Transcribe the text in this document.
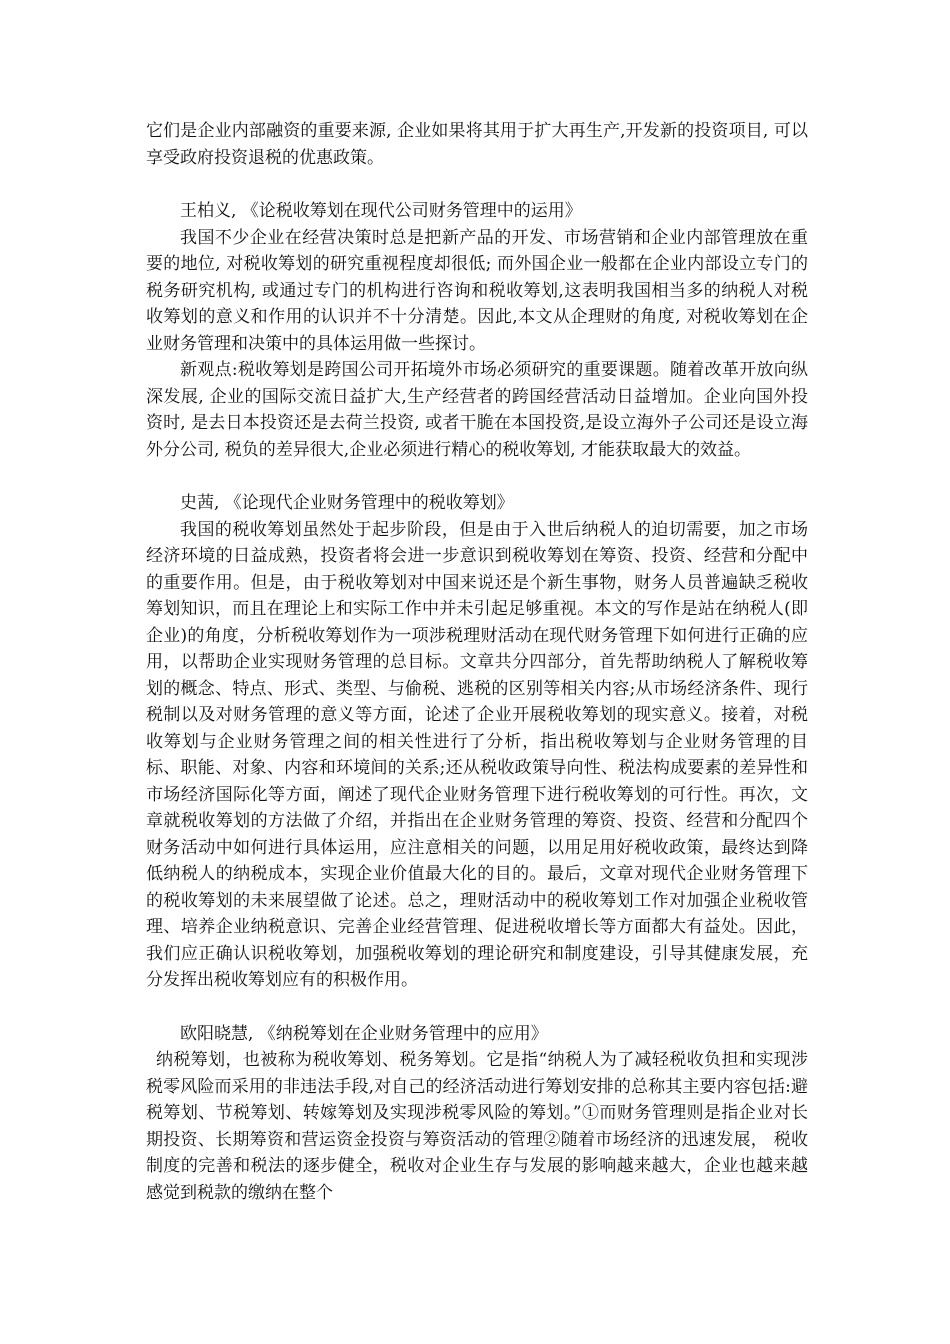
它们是企业内部融资的重要来源, 企业如果将其用于扩大再生产,开发新的投资项目, 可以享受政府投资退税的优惠政策。

王柏义, 《论税收筹划在现代公司财务管理中的运用》

我国不少企业在经营决策时总是把新产品的开发、市场营销和企业内部管理放在重要的地位, 对税收筹划的研究重视程度却很低; 而外国企业一般都在企业内部设立专门的税务研究机构, 或通过专门的机构进行咨询和税收筹划,这表明我国相当多的纳税人对税收筹划的意义和作用的认识并不十分清楚。因此,本文从企理财的角度, 对税收筹划在企业财务管理和决策中的具体运用做一些探讨。

新观点:税收筹划是跨国公司开拓境外市场必须研究的重要课题。随着改革开放向纵深发展, 企业的国际交流日益扩大,生产经营者的跨国经营活动日益增加。企业向国外投资时, 是去日本投资还是去荷兰投资, 或者干脆在本国投资,是设立海外子公司还是设立海外分公司, 税负的差异很大,企业必须进行精心的税收筹划, 才能获取最大的效益。

史茜, 《论现代企业财务管理中的税收筹划》

我国的税收筹划虽然处于起步阶段，但是由于入世后纳税人的迫切需要，加之市场经济环境的日益成熟，投资者将会进一步意识到税收筹划在筹资、投资、经营和分配中的重要作用。但是，由于税收筹划对中国来说还是个新生事物，财务人员普遍缺乏税收筹划知识，而且在理论上和实际工作中并未引起足够重视。本文的写作是站在纳税人(即企业)的角度，分析税收筹划作为一项涉税理财活动在现代财务管理下如何进行正确的应用，以帮助企业实现财务管理的总目标。文章共分四部分，首先帮助纳税人了解税收筹划的概念、特点、形式、类型、与偷税、逃税的区别等相关内容;从市场经济条件、现行税制以及对财务管理的意义等方面，论述了企业开展税收筹划的现实意义。接着，对税收筹划与企业财务管理之间的相关性进行了分析，指出税收筹划与企业财务管理的目标、职能、对象、内容和环境间的关系;还从税收政策导向性、税法构成要素的差异性和市场经济国际化等方面，阐述了现代企业财务管理下进行税收筹划的可行性。再次，文章就税收筹划的方法做了介绍，并指出在企业财务管理的筹资、投资、经营和分配四个财务活动中如何进行具体运用，应注意相关的问题，以用足用好税收政策，最终达到降低纳税人的纳税成本，实现企业价值最大化的目的。最后，文章对现代企业财务管理下的税收筹划的未来展望做了论述。总之，理财活动中的税收筹划工作对加强企业税收管理、培养企业纳税意识、完善企业经营管理、促进税收增长等方面都大有益处。因此，我们应正确认识税收筹划，加强税收筹划的理论研究和制度建设，引导其健康发展，充分发挥出税收筹划应有的积极作用。

欧阳晓慧, 《纳税筹划在企业财务管理中的应用》

纳税筹划，也被称为税收筹划、税务筹划。它是指“纳税人为了减轻税收负担和实现涉税零风险而采用的非违法手段,对自己的经济活动进行筹划安排的总称其主要内容包括:避税筹划、节税筹划、转嫁筹划及实现涉税零风险的筹划。”①而财务管理则是指企业对长期投资、长期筹资和营运资金投资与筹资活动的管理②随着市场经济的迅速发展， 税收制度的完善和税法的逐步健全，税收对企业生存与发展的影响越来越大，企业也越来越感觉到税款的缴纳在整个
